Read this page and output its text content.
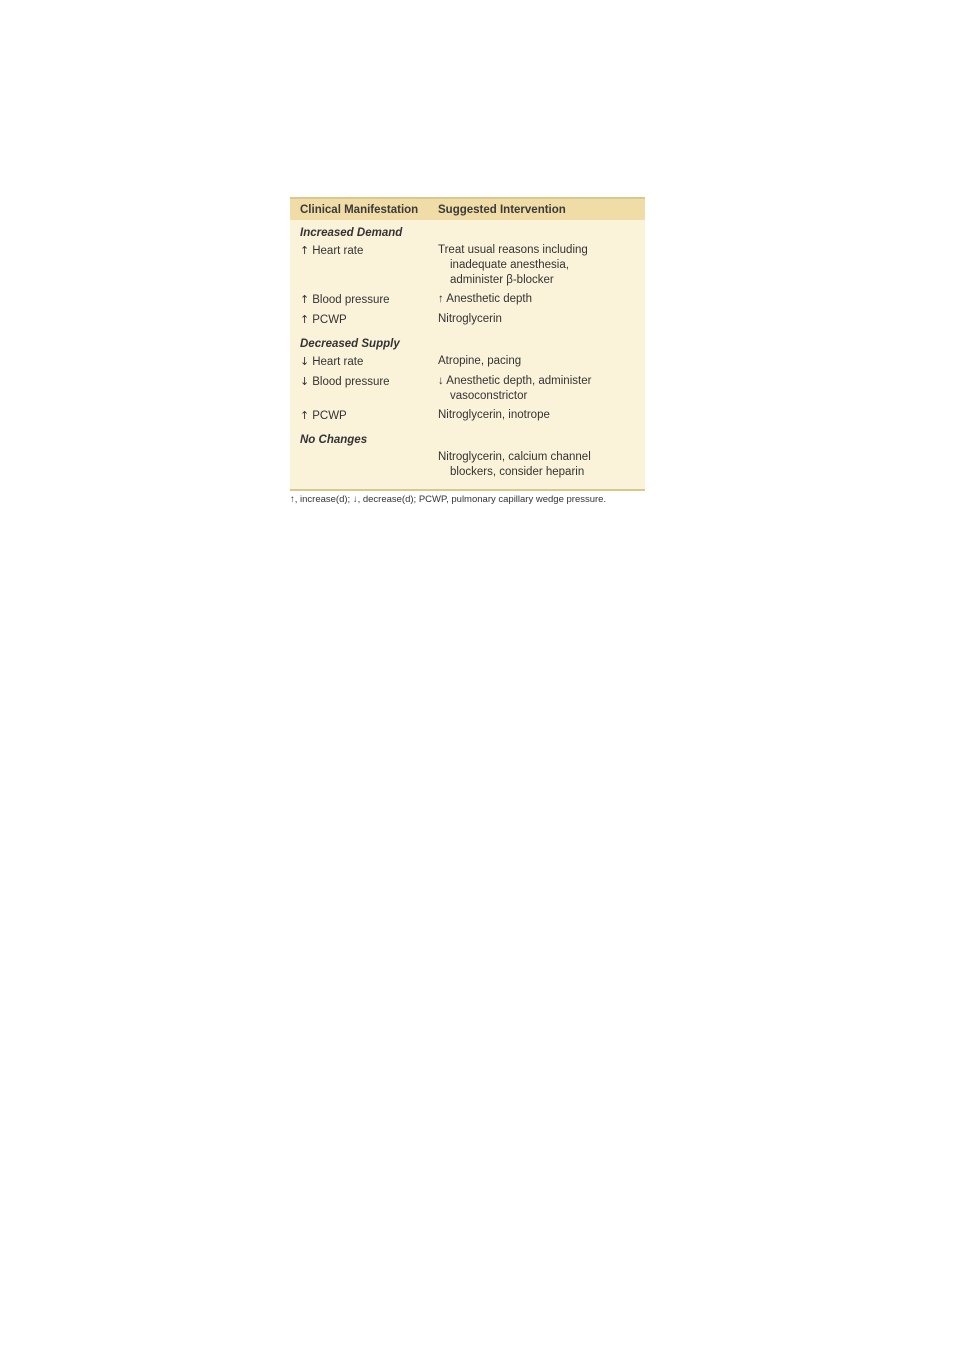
Clinical Manifestation	Suggested Intervention
Increased Demand
↑ Heart rate	Treat usual reasons including
inadequate anesthesia,
administer β-blocker
↑ Blood pressure	↑ Anesthetic depth
↑ PCWP	Nitroglycerin
Decreased Supply
↓ Heart rate	Atropine, pacing
↓ Blood pressure	↓ Anesthetic depth, administer
vasoconstrictor
↑ PCWP	Nitroglycerin, inotrope
No Changes
Nitroglycerin, calcium channel
blockers, consider heparin
↑, increase(d); ↓, decrease(d); PCWP, pulmonary capillary wedge pressure.
